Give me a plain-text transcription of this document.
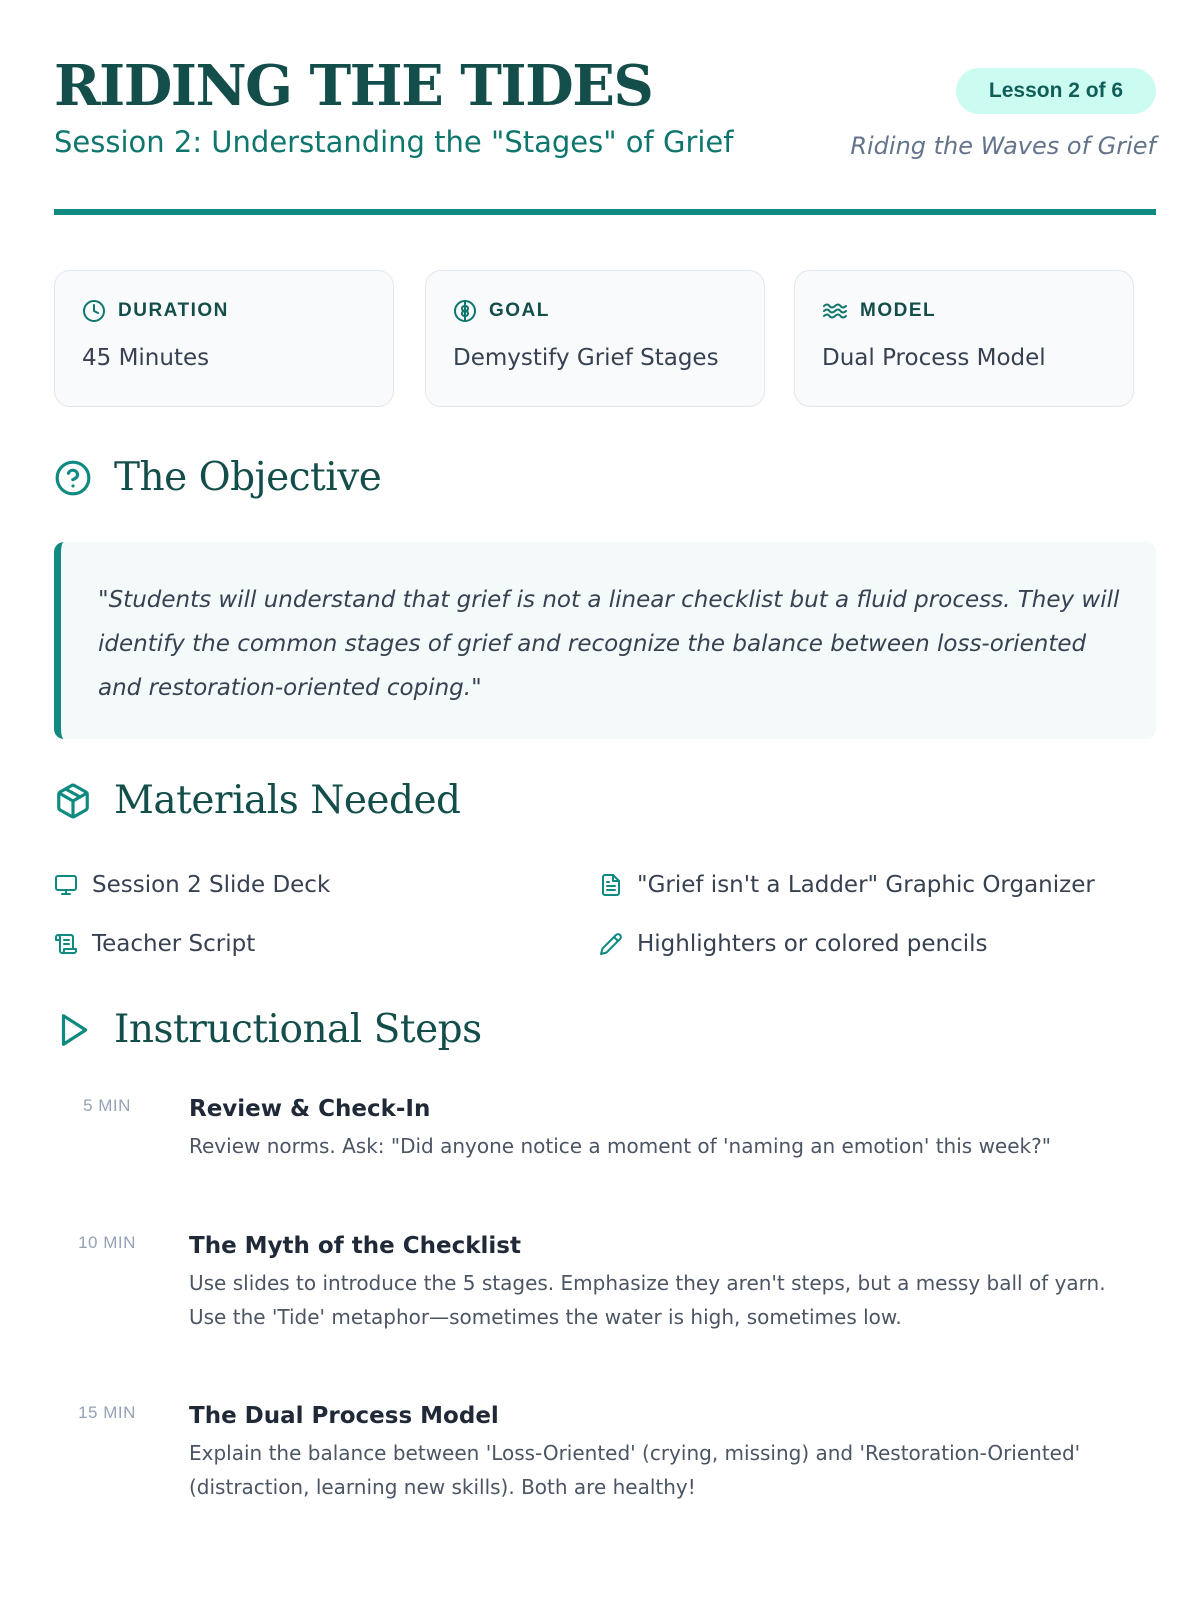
RIDING THE TIDES
Session 2: Understanding the "Stages" of Grief
Lesson 2 of 6
Riding the Waves of Grief
DURATION
45 Minutes
GOAL
Demystify Grief Stages
MODEL
Dual Process Model
The Objective

"Students will understand that grief is not a linear checklist but a fluid process. They will identify the common stages of grief and recognize the balance between loss-oriented and restoration-oriented coping."

Materials Needed
Session 2 Slide Deck	"Grief isn't a Ladder" Graphic Organizer
Teacher Script	Highlighters or colored pencils
Instructional Steps
5 MIN	Review & Check-In
Review norms. Ask: "Did anyone notice a moment of 'naming an emotion' this week?"
10 MIN	The Myth of the Checklist
Use slides to introduce the 5 stages. Emphasize they aren't steps, but a messy ball of yarn. Use the 'Tide' metaphor—sometimes the water is high, sometimes low.
15 MIN	The Dual Process Model
Explain the balance between 'Loss-Oriented' (crying, missing) and 'Restoration-Oriented' (distraction, learning new skills). Both are healthy!
